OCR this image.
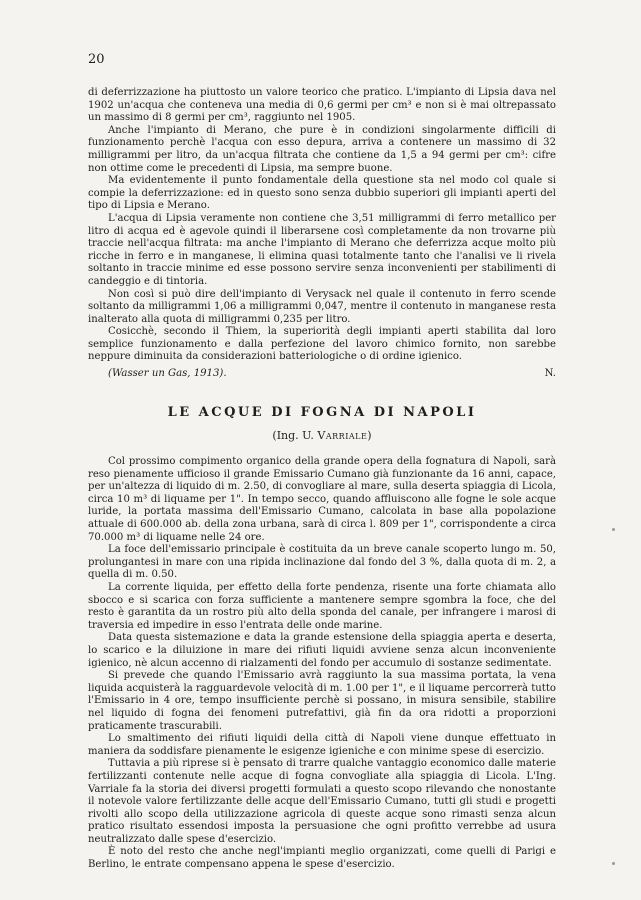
20

di deferrizzazione ha piuttosto un valore teorico che pratico. L'impianto di Lipsia dava nel 1902 un'acqua che conteneva una media di 0,6 germi per cm³ e non si è mai oltrepassato un massimo di 8 germi per cm³, raggiunto nel 1905.

Anche l'impianto di Merano, che pure è in condizioni singolarmente difficili di funzionamento perchè l'acqua con esso depura, arriva a contenere un massimo di 32 milligrammi per litro, da un'acqua filtrata che contiene da 1,5 a 94 germi per cm³: cifre non ottime come le precedenti di Lipsia, ma sempre buone.

Ma evidentemente il punto fondamentale della questione sta nel modo col quale si compie la deferrizzazione: ed in questo sono senza dubbio superiori gli impianti aperti del tipo di Lipsia e Merano.

L'acqua di Lipsia veramente non contiene che 3,51 milligrammi di ferro metallico per litro di acqua ed è agevole quindi il liberarsene così completamente da non trovarne più traccie nell'acqua filtrata: ma anche l'impianto di Merano che deferrizza acque molto più ricche in ferro e in manganese, li elimina quasi totalmente tanto che l'analisi ve li rivela soltanto in traccie minime ed esse possono servire senza inconvenienti per stabilimenti di candeggio e di tintoria.

Non così si può dire dell'impianto di Verysack nel quale il contenuto in ferro scende soltanto da milligrammi 1,06 a milligrammi 0,047, mentre il contenuto in manganese resta inalterato alla quota di milligrammi 0,235 per litro.

Cosicchè, secondo il Thiem, la superiorità degli impianti aperti stabilita dal loro semplice funzionamento e dalla perfezione del lavoro chimico fornito, non sarebbe neppure diminuita da considerazioni batteriologiche o di ordine igienico.

(Wasser un Gas, 1913).	N.
LE ACQUE DI FOGNA DI NAPOLI
(Ing. U. Varriale)

Col prossimo compimento organico della grande opera della fognatura di Napoli, sarà reso pienamente ufficioso il grande Emissario Cumano già funzionante da 16 anni, capace, per un'altezza di liquido di m. 2.50, di convogliare al mare, sulla deserta spiaggia di Licola, circa 10 m³ di liquame per 1". In tempo secco, quando affluiscono alle fogne le sole acque luride, la portata massima dell'Emissario Cumano, calcolata in base alla popolazione attuale di 600.000 ab. della zona urbana, sarà di circa l. 809 per 1", corrispondente a circa 70.000 m³ di liquame nelle 24 ore.

La foce dell'emissario principale è costituita da un breve canale scoperto lungo m. 50, prolungantesi in mare con una ripida inclinazione dal fondo del 3 %, dalla quota di m. 2, a quella di m. 0.50.

La corrente liquida, per effetto della forte pendenza, risente una forte chiamata allo sbocco e si scarica con forza sufficiente a mantenere sempre sgombra la foce, che del resto è garantita da un rostro più alto della sponda del canale, per infrangere i marosi di traversia ed impedire in esso l'entrata delle onde marine.

Data questa sistemazione e data la grande estensione della spiaggia aperta e deserta, lo scarico e la diluizione in mare dei rifiuti liquidi avviene senza alcun inconveniente igienico, nè alcun accenno di rialzamenti del fondo per accumulo di sostanze sedimentate.

Si prevede che quando l'Emissario avrà raggiunto la sua massima portata, la vena liquida acquisterà la ragguardevole velocità di m. 1.00 per 1", e il liquame percorrerà tutto l'Emissario in 4 ore, tempo insufficiente perchè si possano, in misura sensibile, stabilire nel liquido di fogna dei fenomeni putrefattivi, già fin da ora ridotti a proporzioni praticamente trascurabili.

Lo smaltimento dei rifiuti liquidi della città di Napoli viene dunque effettuato in maniera da soddisfare pienamente le esigenze igieniche e con minime spese di esercizio.

Tuttavia a più riprese si è pensato di trarre qualche vantaggio economico dalle materie fertilizzanti contenute nelle acque di fogna convogliate alla spiaggia di Licola. L'Ing. Varriale fa la storia dei diversi progetti formulati a questo scopo rilevando che nonostante il notevole valore fertilizzante delle acque dell'Emissario Cumano, tutti gli studi e progetti rivolti allo scopo della utilizzazione agricola di queste acque sono rimasti senza alcun pratico risultato essendosi imposta la persuasione che ogni profitto verrebbe ad usura neutralizzato dalle spese d'esercizio.

È noto del resto che anche negl'impianti meglio organizzati, come quelli di Parigi e Berlino, le entrate compensano appena le spese d'esercizio.
